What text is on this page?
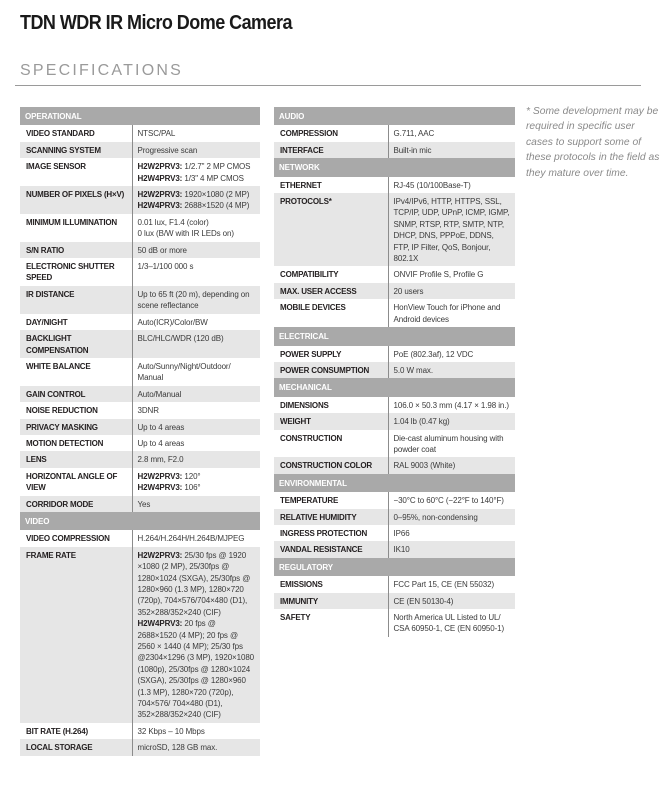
TDN WDR IR Micro Dome Camera
SPECIFICATIONS
OPERATIONAL	
VIDEO STANDARD	NTSC/PAL

SCANNING SYSTEM	Progressive scan

IMAGE SENSOR	H2W2PRV3: 1/2.7" 2 MP CMOS
H2W4PRV3: 1/3" 4 MP CMOS

NUMBER OF PIXELS (H×V)	H2W2PRV3: 1920×1080 (2 MP)
H2W4PRV3: 2688×1520 (4 MP)

MINIMUM ILLUMINATION	0.01 lux, F1.4 (color)
0 lux (B/W with IR LEDs on)

S/N RATIO	50 dB or more

ELECTRONIC SHUTTER SPEED	1/3–1/100 000 s

IR DISTANCE	Up to 65 ft (20 m), depending on scene reflectance

DAY/NIGHT	Auto(ICR)/Color/BW

BACKLIGHT COMPENSATION	BLC/HLC/WDR (120 dB)

WHITE BALANCE	Auto/Sunny/Night/Outdoor/ Manual

GAIN CONTROL	Auto/Manual

NOISE REDUCTION	3DNR

PRIVACY MASKING	Up to 4 areas

MOTION DETECTION	Up to 4 areas

LENS	2.8 mm, F2.0

HORIZONTAL ANGLE OF VIEW	H2W2PRV3: 120°
H2W4PRV3: 106°

CORRIDOR MODE	Yes

VIDEO	
VIDEO COMPRESSION	H.264/H.264H/H.264B/MJPEG

FRAME RATE	H2W2PRV3: 25/30 fps @ 1920 ×1080 (2 MP), 25/30fps @ 1280×1024 (SXGA), 25/30fps @ 1280×960 (1.3 MP), 1280×720 (720p), 704×576/704×480 (D1), 352×288/352×240 (CIF)
H2W4PRV3: 20 fps @ 2688×1520 (4 MP); 20 fps @ 2560 × 1440 (4 MP); 25/30 fps @2304×1296 (3 MP), 1920×1080 (1080p), 25/30fps @ 1280×1024 (SXGA), 25/30fps @ 1280×960 (1.3 MP), 1280×720 (720p), 704×576/ 704×480 (D1), 352×288/352×240 (CIF)

BIT RATE (H.264)	32 Kbps – 10 Mbps

LOCAL STORAGE	microSD, 128 GB max.
AUDIO	
COMPRESSION	G.711, AAC

INTERFACE	Built-in mic

NETWORK	
ETHERNET	RJ-45 (10/100Base-T)

PROTOCOLS*	IPv4/IPv6, HTTP, HTTPS, SSL, TCP/IP, UDP, UPnP, ICMP, IGMP, SNMP, RTSP, RTP, SMTP, NTP, DHCP, DNS, PPPoE, DDNS, FTP, IP Filter, QoS, Bonjour, 802.1X

COMPATIBILITY	ONVIF Profile S, Profile G

MAX. USER ACCESS	20 users

MOBILE DEVICES	HonView Touch for iPhone and Android devices

ELECTRICAL	
POWER SUPPLY	PoE (802.3af), 12 VDC

POWER CONSUMPTION	5.0 W max.

MECHANICAL	
DIMENSIONS	106.0 × 50.3 mm (4.17 × 1.98 in.)

WEIGHT	1.04 lb (0.47 kg)

CONSTRUCTION	Die-cast aluminum housing with powder coat

CONSTRUCTION COLOR	RAL 9003 (White)

ENVIRONMENTAL	
TEMPERATURE	−30°C to 60°C (−22°F to 140°F)

RELATIVE HUMIDITY	0–95%, non-condensing

INGRESS PROTECTION	IP66

VANDAL RESISTANCE	IK10

REGULATORY	
EMISSIONS	FCC Part 15, CE (EN 55032)

IMMUNITY	CE (EN 50130-4)

SAFETY	North America UL Listed to UL/ CSA 60950-1, CE (EN 60950-1)
* Some development may be required in specific user cases to support some of these protocols in the field as they mature over time.
